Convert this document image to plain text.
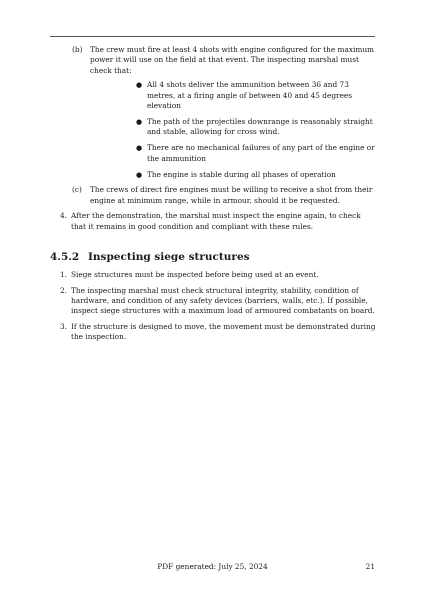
(b) The crew must fire at least 4 shots with engine configured for the maximum power it will use on the field at that event. The inspecting marshal must check that:
● All 4 shots deliver the ammunition between 36 and 73 metres, at a firing angle of between 40 and 45 degrees elevation
● The path of the projectiles downrange is reasonably straight and stable, allowing for cross wind.
● There are no mechanical failures of any part of the engine or the ammunition
● The engine is stable during all phases of operation
(c) The crews of direct fire engines must be willing to receive a shot from their engine at minimum range, while in armour, should it be requested.
4. After the demonstration, the marshal must inspect the engine again, to check that it remains in good condition and compliant with these rules.
4.5.2 Inspecting siege structures
1. Siege structures must be inspected before being used at an event.
2. The inspecting marshal must check structural integrity, stability, condition of hardware, and condition of any safety devices (barriers, walls, etc.). If possible, inspect siege structures with a maximum load of armoured combatants on board.
3. If the structure is designed to move, the movement must be demonstrated during the inspection.
PDF generated: July 25, 2024	21
